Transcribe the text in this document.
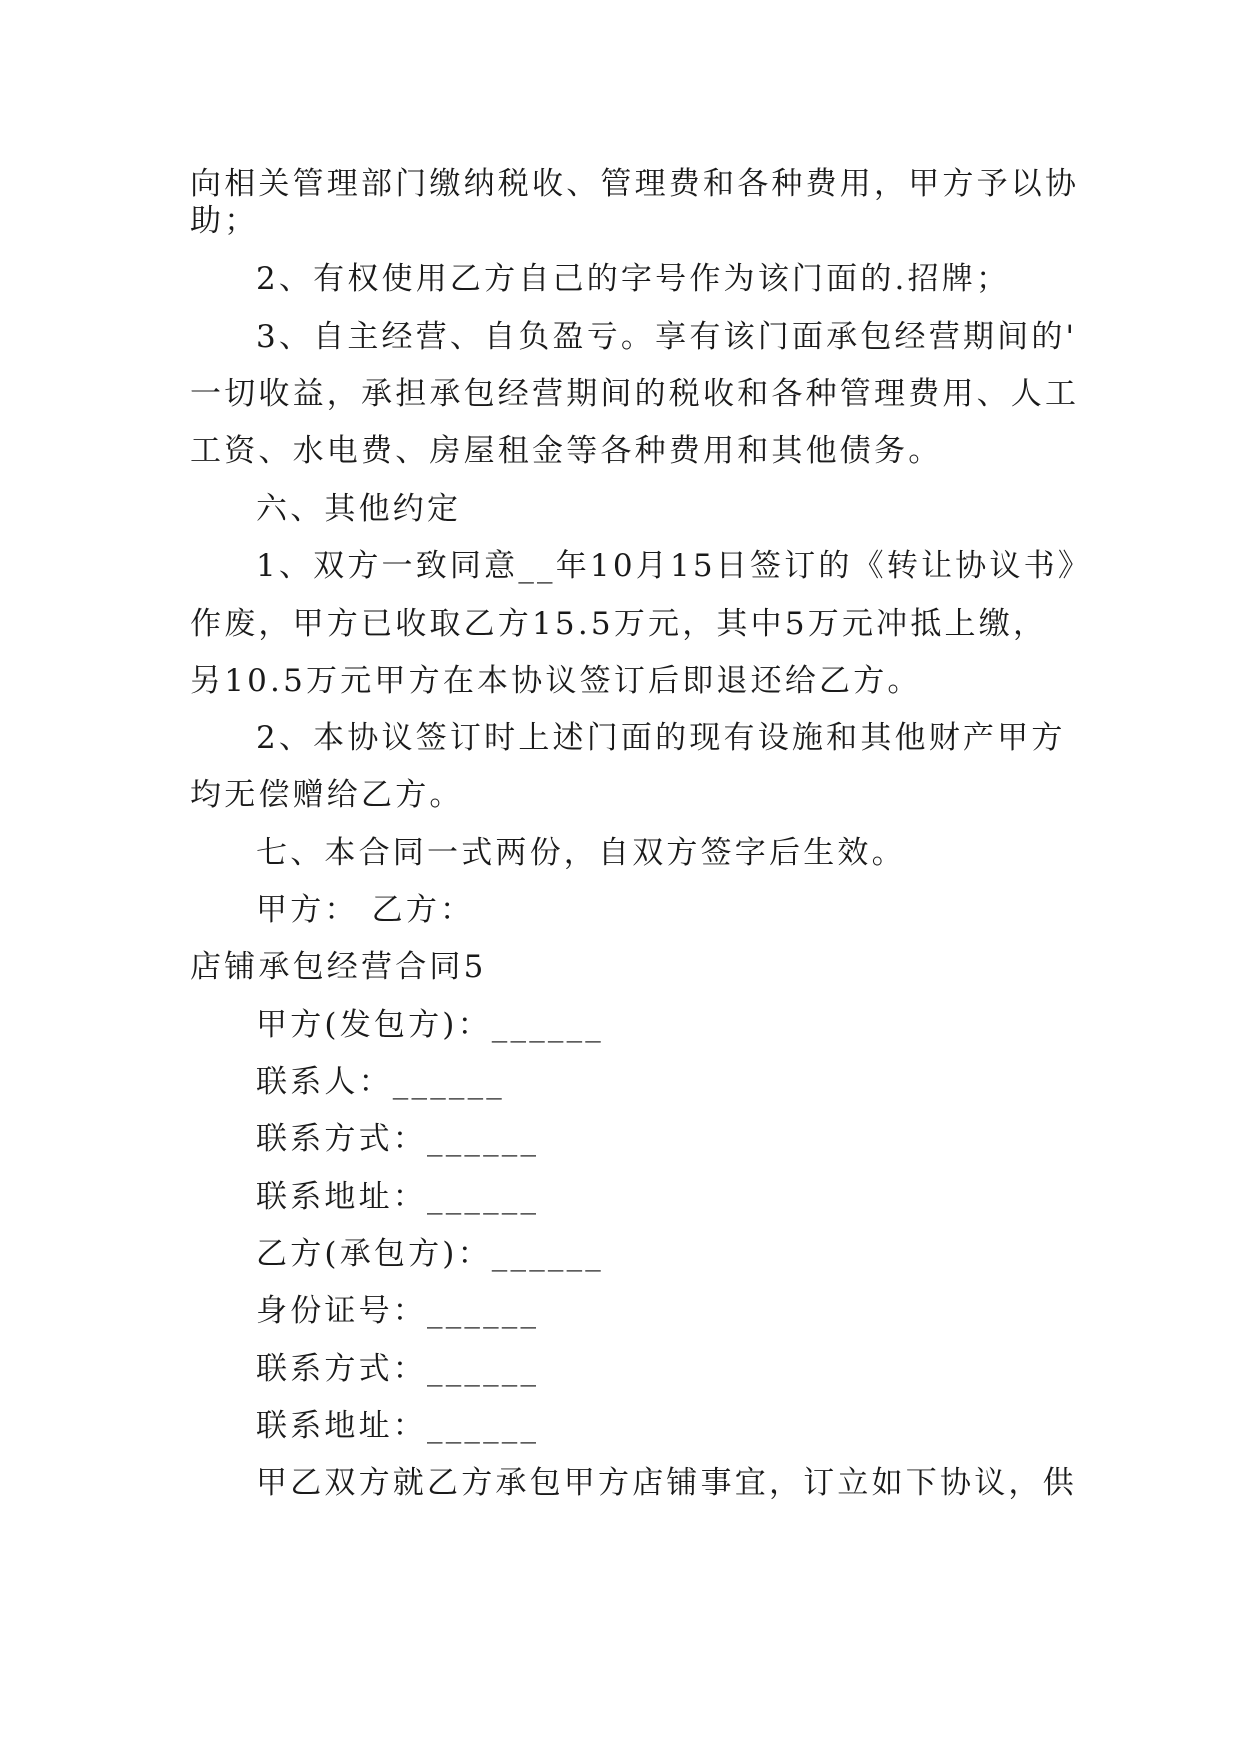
向相关管理部门缴纳税收、管理费和各种费用，甲方予以协
助；
2、有权使用乙方自己的字号作为该门面的.招牌；
3、自主经营、自负盈亏。享有该门面承包经营期间的'
一切收益，承担承包经营期间的税收和各种管理费用、人工
工资、水电费、房屋租金等各种费用和其他债务。
六、其他约定
1、双方一致同意__年10月15日签订的《转让协议书》
作废，甲方已收取乙方15.5万元，其中5万元冲抵上缴，
另10.5万元甲方在本协议签订后即退还给乙方。
2、本协议签订时上述门面的现有设施和其他财产甲方
均无偿赠给乙方。
七、本合同一式两份，自双方签字后生效。
甲方： 乙方：
店铺承包经营合同5
甲方(发包方)：______
联系人：______
联系方式：______
联系地址：______
乙方(承包方)：______
身份证号：______
联系方式：______
联系地址：______
甲乙双方就乙方承包甲方店铺事宜，订立如下协议，供
